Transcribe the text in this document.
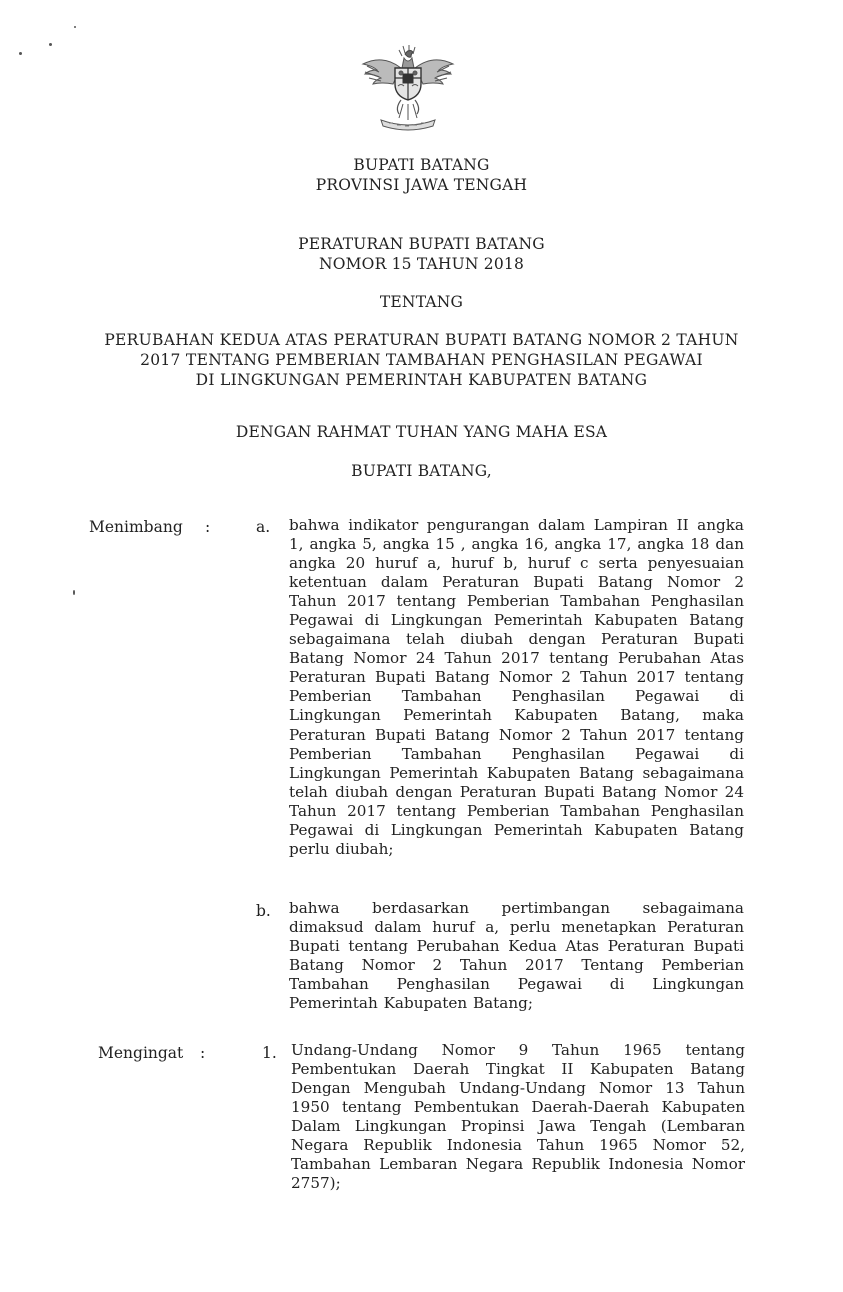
BUPATI BATANG
PROVINSI JAWA TENGAH
PERATURAN BUPATI BATANG
NOMOR 15 TAHUN 2018
TENTANG
PERUBAHAN KEDUA ATAS PERATURAN BUPATI BATANG NOMOR 2 TAHUN
2017 TENTANG PEMBERIAN TAMBAHAN PENGHASILAN PEGAWAI
DI LINGKUNGAN PEMERINTAH KABUPATEN BATANG
DENGAN RAHMAT TUHAN YANG MAHA ESA
BUPATI BATANG,
Menimbang :	a. bahwa indikator pengurangan dalam Lampiran II angka 1, angka 5, angka 15 , angka 16, angka 17, angka 18 dan angka 20 huruf a, huruf b, huruf c serta penyesuaian ketentuan dalam Peraturan Bupati Batang Nomor 2 Tahun 2017 tentang Pemberian Tambahan Penghasilan Pegawai di Lingkungan Pemerintah Kabupaten Batang sebagaimana telah diubah dengan Peraturan Bupati Batang Nomor 24 Tahun 2017 tentang Perubahan Atas Peraturan Bupati Batang Nomor 2 Tahun 2017 tentang Pemberian Tambahan Penghasilan Pegawai di Lingkungan Pemerintah Kabupaten Batang, maka Peraturan Bupati Batang Nomor 2 Tahun 2017 tentang Pemberian Tambahan Penghasilan Pegawai di Lingkungan Pemerintah Kabupaten Batang sebagaimana telah diubah dengan Peraturan Bupati Batang Nomor 24 Tahun 2017 tentang Pemberian Tambahan Penghasilan Pegawai di Lingkungan Pemerintah Kabupaten Batang perlu diubah;
b. bahwa berdasarkan pertimbangan sebagaimana dimaksud dalam huruf a, perlu menetapkan Peraturan Bupati tentang Perubahan Kedua Atas Peraturan Bupati Batang Nomor 2 Tahun 2017 Tentang Pemberian Tambahan Penghasilan Pegawai di Lingkungan Pemerintah Kabupaten Batang;
Mengingat :	1. Undang-Undang Nomor 9 Tahun 1965 tentang Pembentukan Daerah Tingkat II Kabupaten Batang Dengan Mengubah Undang-Undang Nomor 13 Tahun 1950 tentang Pembentukan Daerah-Daerah Kabupaten Dalam Lingkungan Propinsi Jawa Tengah (Lembaran Negara Republik Indonesia Tahun 1965 Nomor 52, Tambahan Lembaran Negara Republik Indonesia Nomor 2757);
